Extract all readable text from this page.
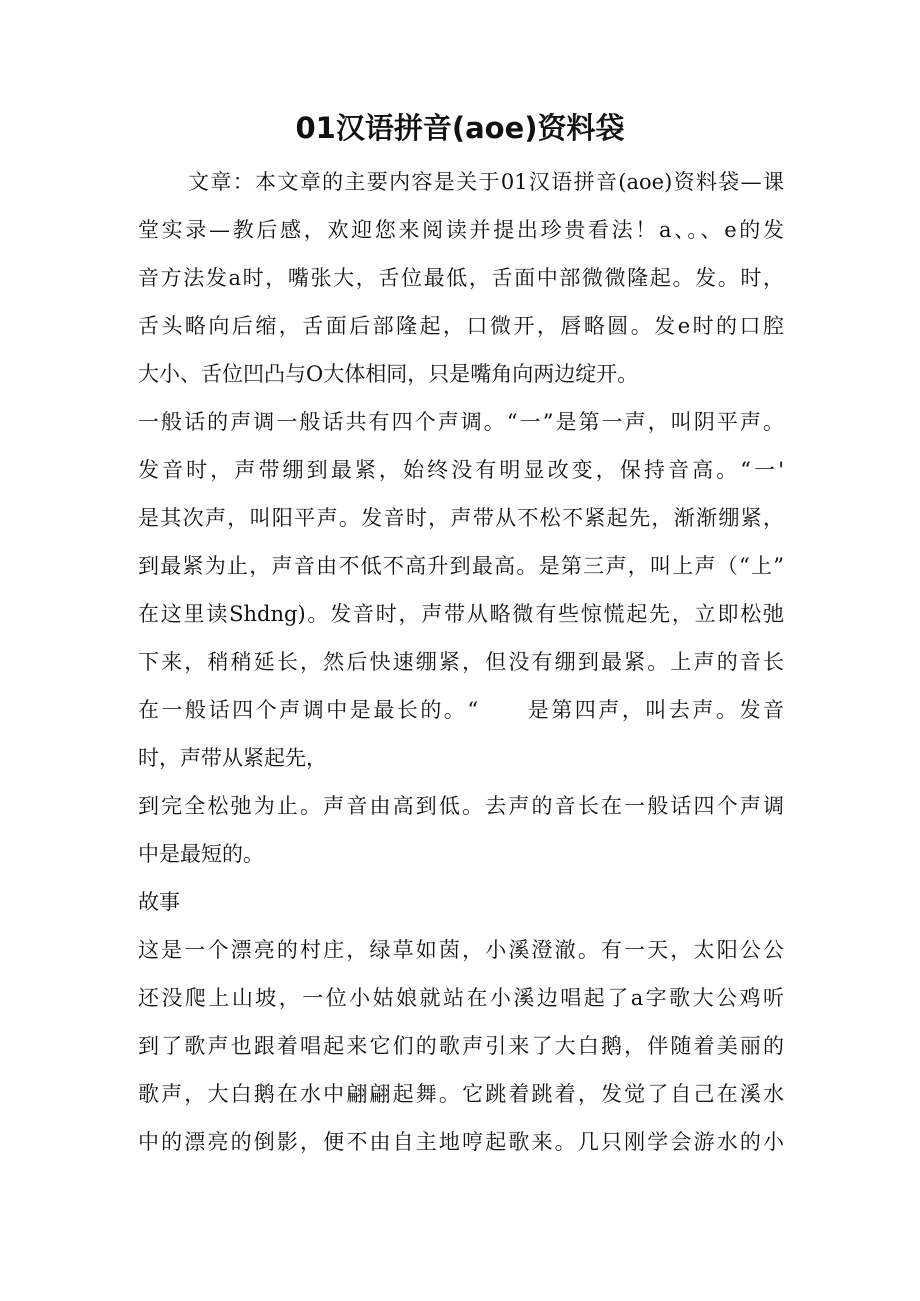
01汉语拼音(aoe)资料袋
文章：本文章的主要内容是关于01汉语拼音(aoe)资料袋—课
堂实录—教后感，欢迎您来阅读并提出珍贵看法！a、。、e的发
音方法发a时，嘴张大，舌位最低，舌面中部微微隆起。发。时，
舌头略向后缩，舌面后部隆起，口微开，唇略圆。发e时的口腔
大小、舌位凹凸与O大体相同，只是嘴角向两边绽开。
一般话的声调一般话共有四个声调。“一”是第一声，叫阴平声。
发音时，声带绷到最紧，始终没有明显改变，保持音高。“一'
是其次声，叫阳平声。发音时，声带从不松不紧起先，渐渐绷紧，
到最紧为止，声音由不低不高升到最高。是第三声，叫上声（“上”
在这里读Shdng)。发音时，声带从略微有些惊慌起先，立即松弛
下来，稍稍延长，然后快速绷紧，但没有绷到最紧。上声的音长
在一般话四个声调中是最长的。“　　是第四声，叫去声。发音
时，声带从紧起先，
到完全松弛为止。声音由高到低。去声的音长在一般话四个声调
中是最短的。
故事
这是一个漂亮的村庄，绿草如茵，小溪澄澈。有一天，太阳公公
还没爬上山坡，一位小姑娘就站在小溪边唱起了a字歌大公鸡听
到了歌声也跟着唱起来它们的歌声引来了大白鹅，伴随着美丽的
歌声，大白鹅在水中翩翩起舞。它跳着跳着，发觉了自己在溪水
中的漂亮的倒影，便不由自主地哼起歌来。几只刚学会游水的小
